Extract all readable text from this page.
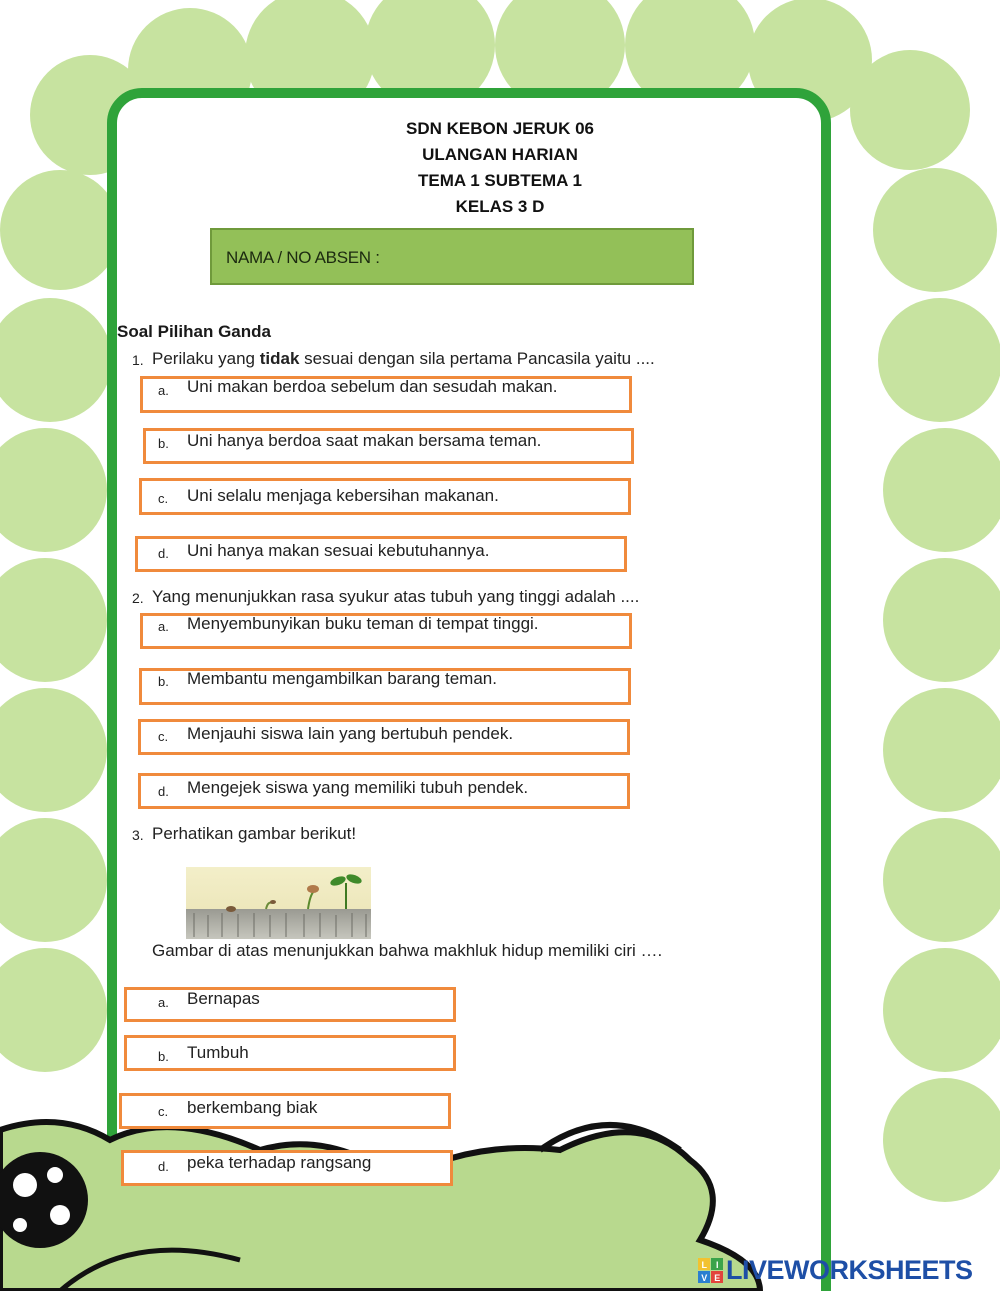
SDN KEBON JERUK 06
ULANGAN HARIAN
TEMA 1 SUBTEMA 1
KELAS 3 D
NAMA / NO ABSEN :
Soal Pilihan Ganda
1. Perilaku yang tidak sesuai dengan sila pertama Pancasila yaitu ....
a. Uni makan berdoa sebelum dan sesudah makan.
b. Uni hanya berdoa saat makan bersama teman.
c. Uni selalu menjaga kebersihan makanan.
d. Uni hanya makan sesuai kebutuhannya.
2. Yang menunjukkan rasa syukur atas tubuh yang tinggi adalah ....
a. Menyembunyikan buku teman di tempat tinggi.
b. Membantu mengambilkan barang teman.
c. Menjauhi siswa lain yang bertubuh pendek.
d. Mengejek siswa yang memiliki tubuh pendek.
3. Perhatikan gambar berikut!
Gambar di atas menunjukkan bahwa makhluk hidup memiliki ciri ….
a. Bernapas
b. Tumbuh
c. berkembang biak
d. peka terhadap rangsang
L I
V E LIVEWORKSHEETS
